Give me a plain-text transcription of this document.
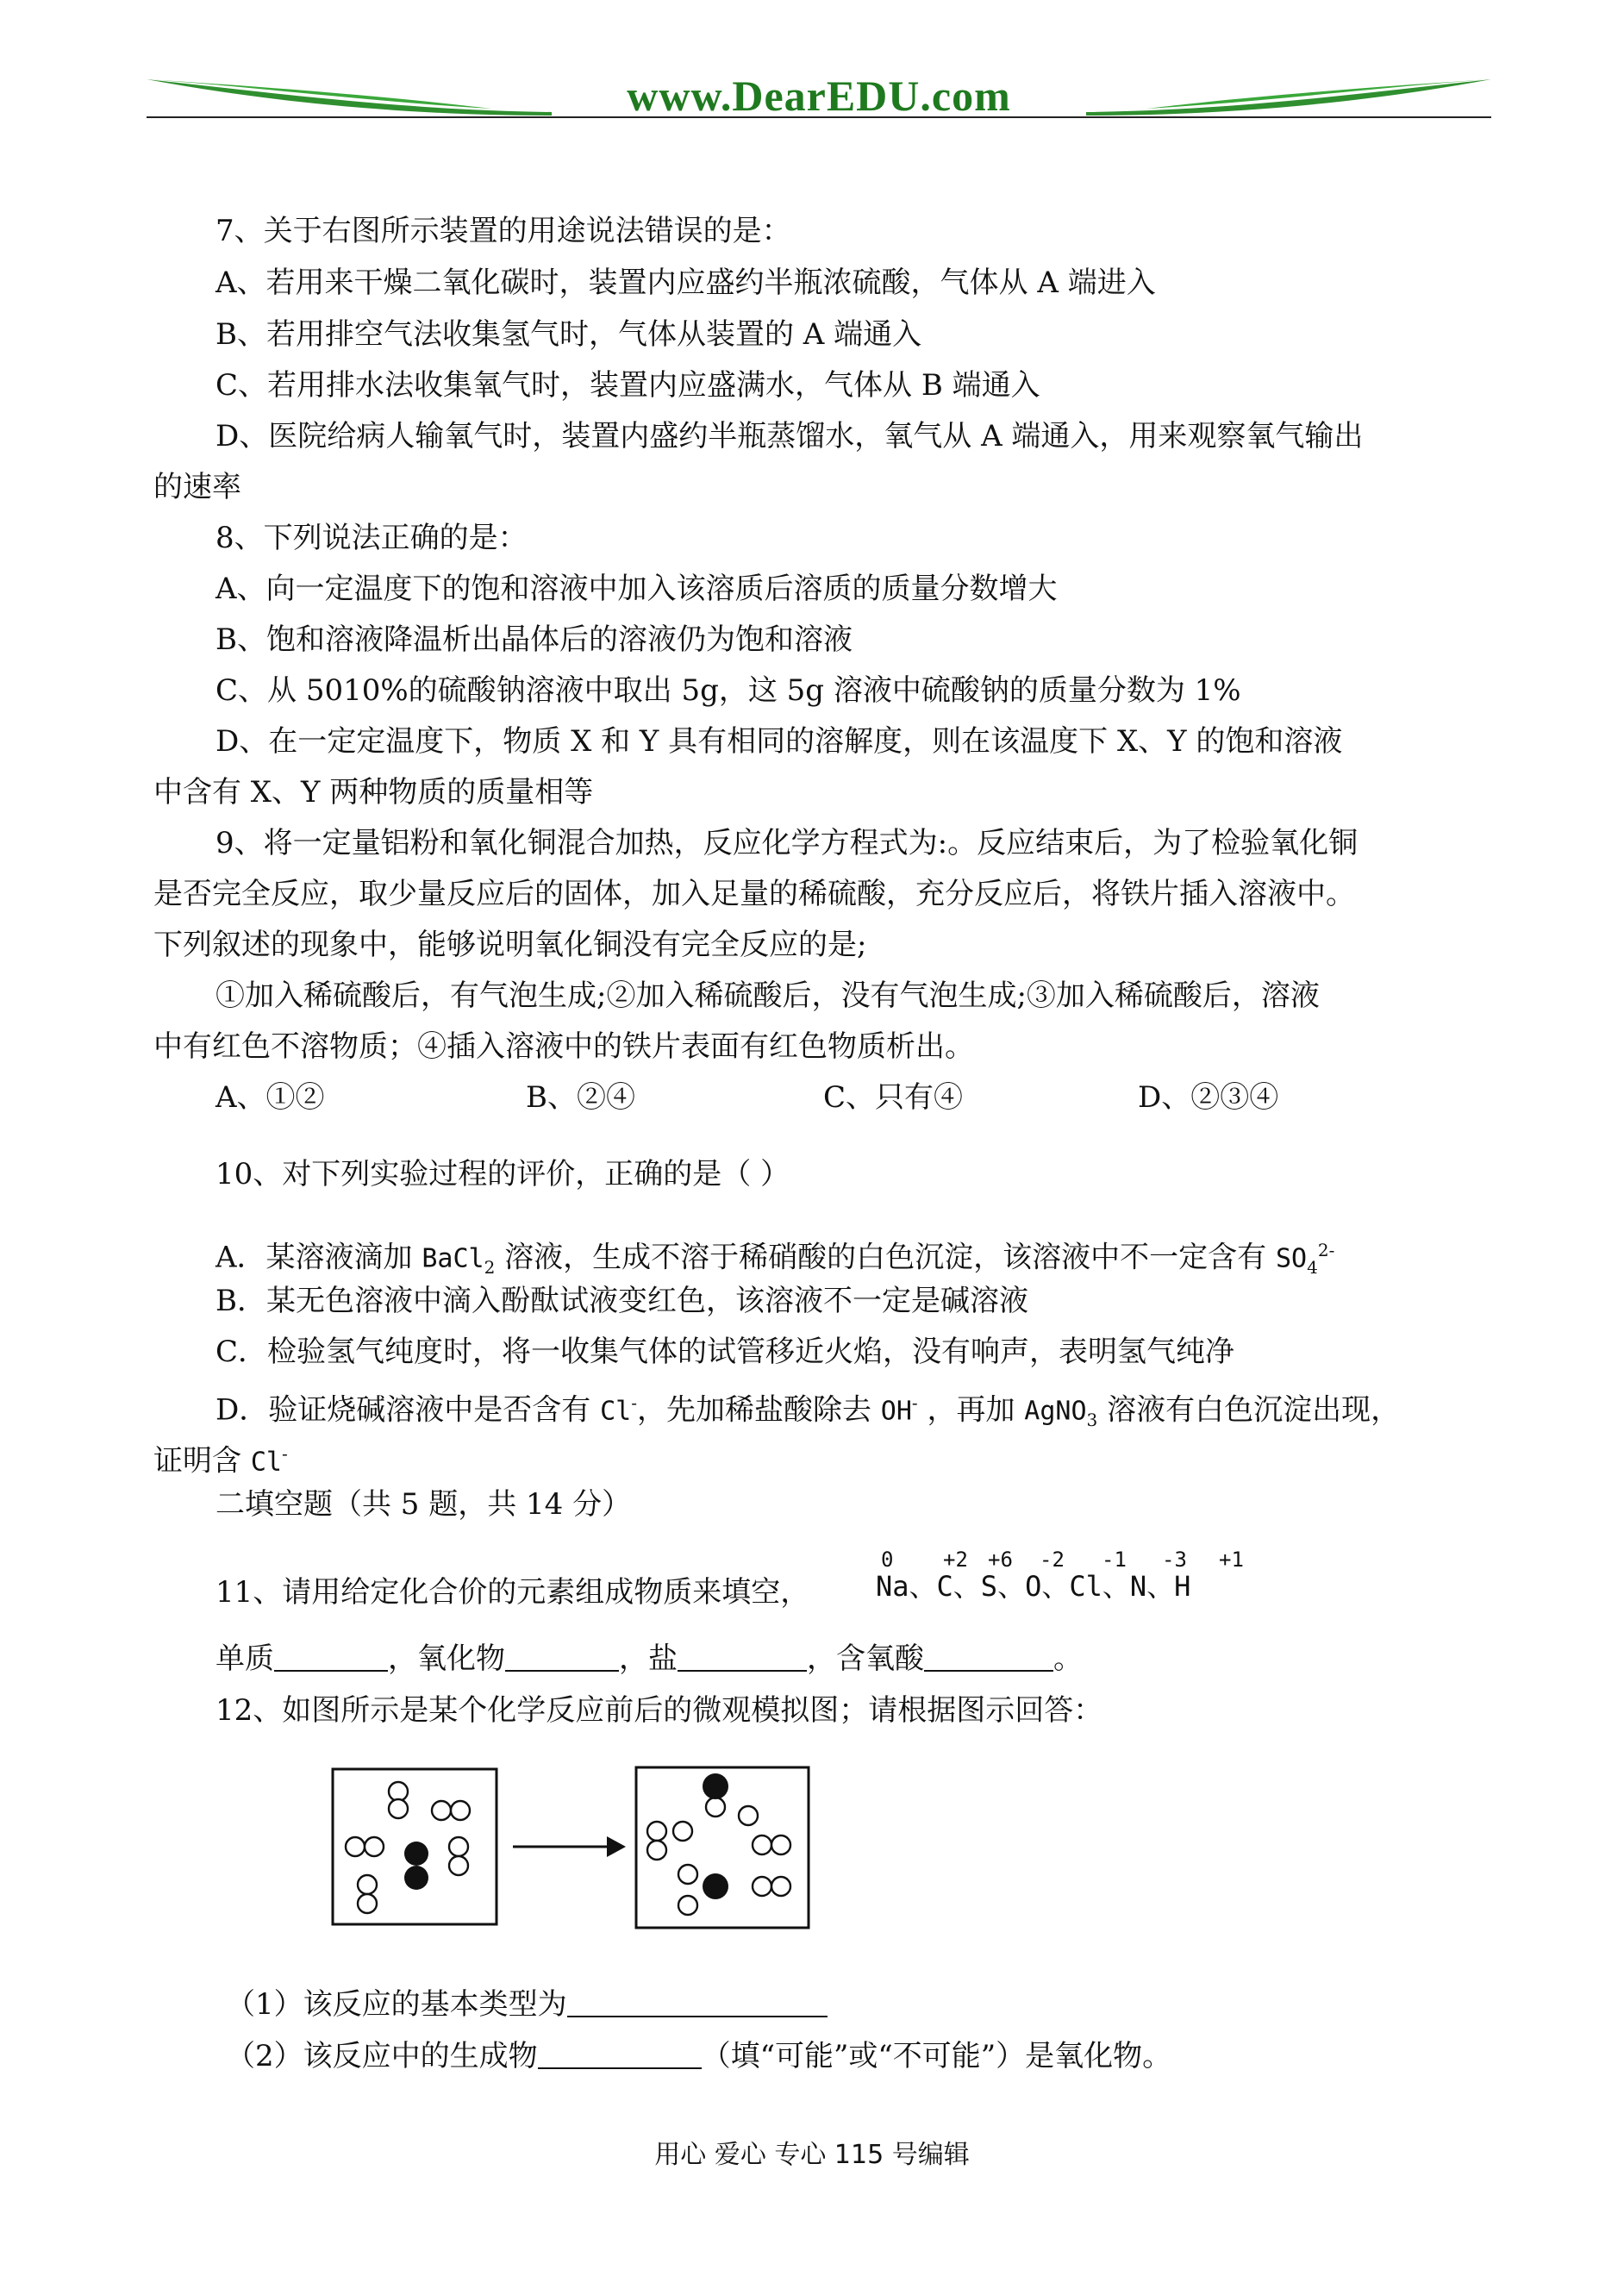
www.DearEDU.com
7、关于右图所示装置的用途说法错误的是：
A、若用来干燥二氧化碳时，装置内应盛约半瓶浓硫酸，气体从 A 端进入
B、若用排空气法收集氢气时，气体从装置的 A 端通入
C、若用排水法收集氧气时，装置内应盛满水，气体从 B 端通入
D、医院给病人输氧气时，装置内盛约半瓶蒸馏水，氧气从 A 端通入，用来观察氧气输出
的速率
8、下列说法正确的是：
A、向一定温度下的饱和溶液中加入该溶质后溶质的质量分数增大
B、饱和溶液降温析出晶体后的溶液仍为饱和溶液
C、从 5010%的硫酸钠溶液中取出 5g，这 5g 溶液中硫酸钠的质量分数为 1%
D、在一定定温度下，物质 X 和 Y 具有相同的溶解度，则在该温度下 X、Y 的饱和溶液
中含有 X、Y 两种物质的质量相等
9、将一定量铝粉和氧化铜混合加热，反应化学方程式为:。反应结束后，为了检验氧化铜
是否完全反应，取少量反应后的固体，加入足量的稀硫酸，充分反应后，将铁片插入溶液中。
下列叙述的现象中，能够说明氧化铜没有完全反应的是;
①加入稀硫酸后，有气泡生成;②加入稀硫酸后，没有气泡生成;③加入稀硫酸后，溶液
中有红色不溶物质；④插入溶液中的铁片表面有红色物质析出。
A、①②	B、②④	C、只有④	D、②③④
10、对下列实验过程的评价，正确的是（ ）
A．某溶液滴加 BaCl$_2$ 溶液，生成不溶于稀硝酸的白色沉淀，该溶液中不一定含有 $SO_4^{2-}$
B．某无色溶液中滴入酚酞试液变红色，该溶液不一定是碱溶液
C．检验氢气纯度时，将一收集气体的试管移近火焰，没有响声，表明氢气纯净
D．验证烧碱溶液中是否含有 Cl-，先加稀盐酸除去 OH- ，再加 AgNO$_3$ 溶液有白色沉淀出现，
证明含 Cl-
二填空题（共 5 题，共 14 分）
11、请用给定化合价的元素组成物质来填空，
0 +2 +6 -2 -1 -3 +1
Na、C、S、O、Cl、N、H
单质	，氧化物	，盐	，含氧酸	。
12、如图所示是某个化学反应前后的微观模拟图；请根据图示回答：
（1）该反应的基本类型为
（2）该反应中的生成物	（填“可能”或“不可能”）是氧化物。
用心 爱心 专心 115 号编辑
